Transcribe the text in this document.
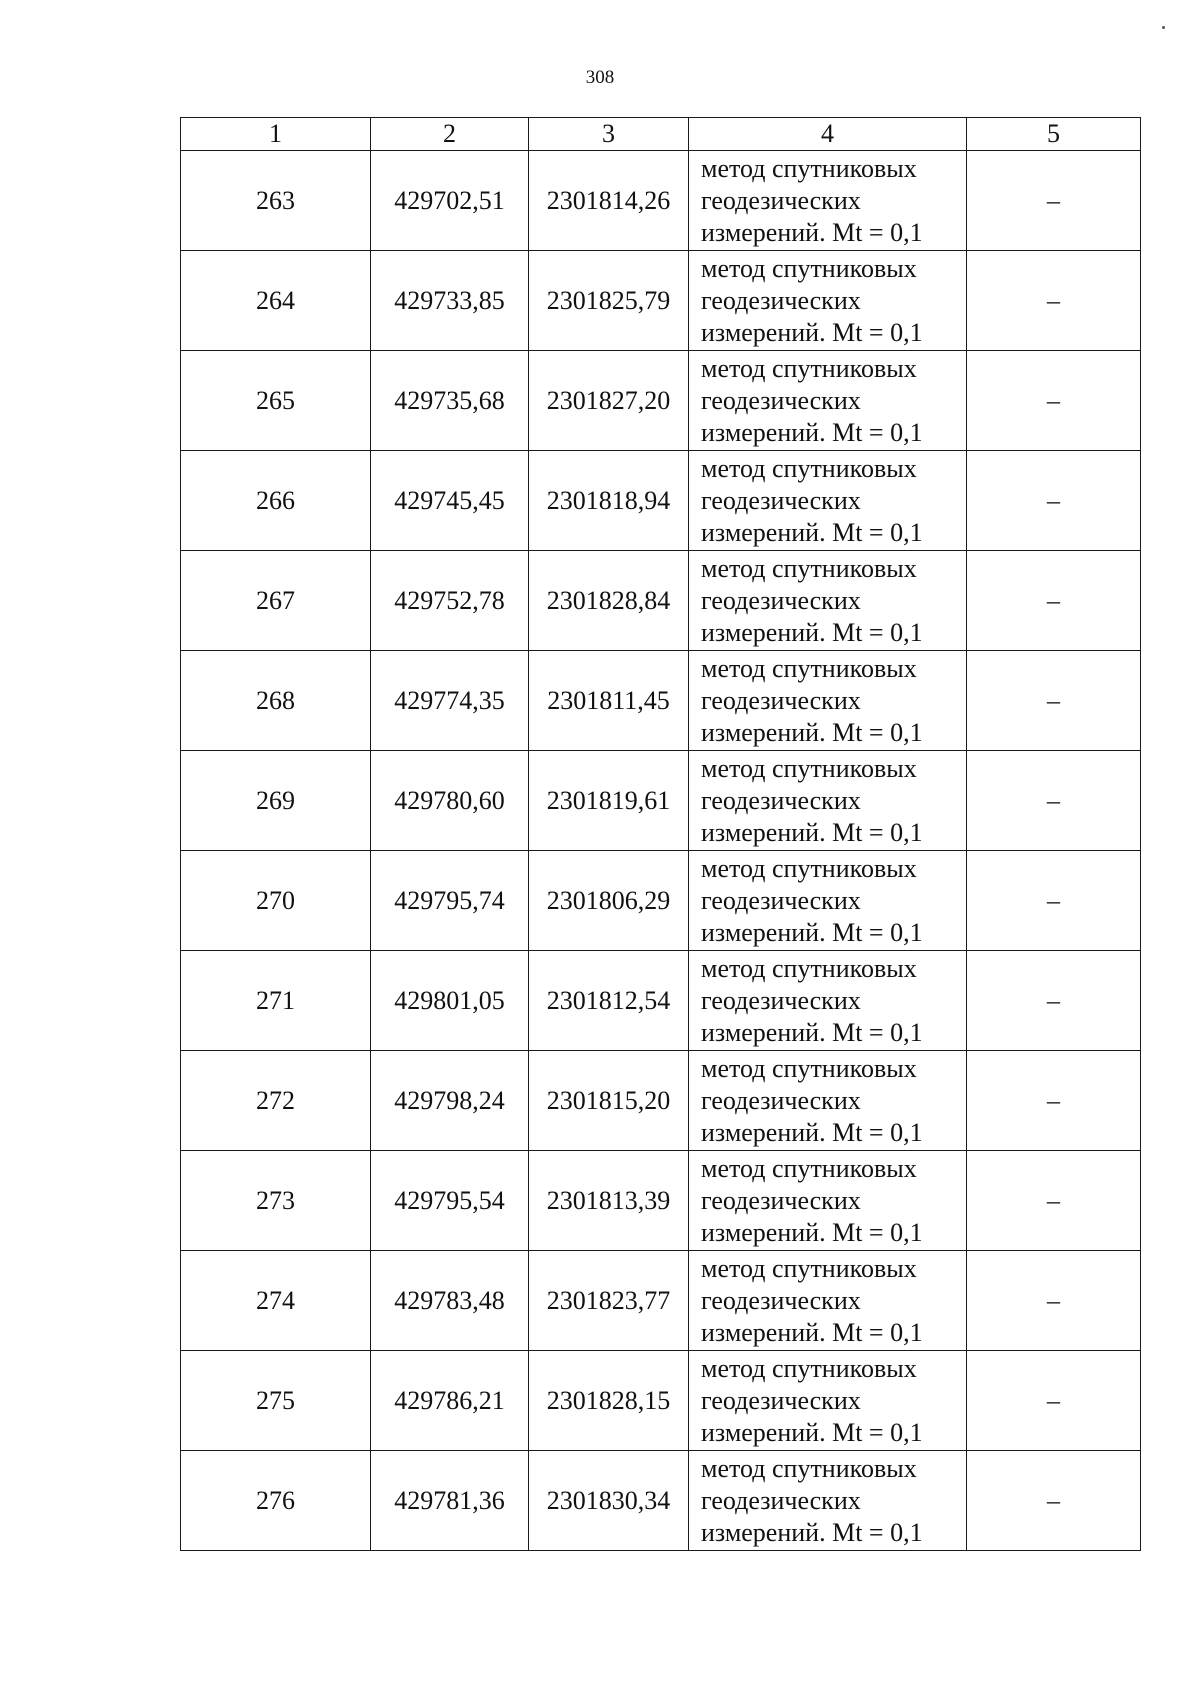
308
1	2	3	4	5
263	429702,51	2301814,26	метод спутниковых
геодезических
измерений. Mt = 0,1	–
264	429733,85	2301825,79	метод спутниковых
геодезических
измерений. Mt = 0,1	–
265	429735,68	2301827,20	метод спутниковых
геодезических
измерений. Mt = 0,1	–
266	429745,45	2301818,94	метод спутниковых
геодезических
измерений. Mt = 0,1	–
267	429752,78	2301828,84	метод спутниковых
геодезических
измерений. Mt = 0,1	–
268	429774,35	2301811,45	метод спутниковых
геодезических
измерений. Mt = 0,1	–
269	429780,60	2301819,61	метод спутниковых
геодезических
измерений. Mt = 0,1	–
270	429795,74	2301806,29	метод спутниковых
геодезических
измерений. Mt = 0,1	–
271	429801,05	2301812,54	метод спутниковых
геодезических
измерений. Mt = 0,1	–
272	429798,24	2301815,20	метод спутниковых
геодезических
измерений. Mt = 0,1	–
273	429795,54	2301813,39	метод спутниковых
геодезических
измерений. Mt = 0,1	–
274	429783,48	2301823,77	метод спутниковых
геодезических
измерений. Mt = 0,1	–
275	429786,21	2301828,15	метод спутниковых
геодезических
измерений. Mt = 0,1	–
276	429781,36	2301830,34	метод спутниковых
геодезических
измерений. Mt = 0,1	–
